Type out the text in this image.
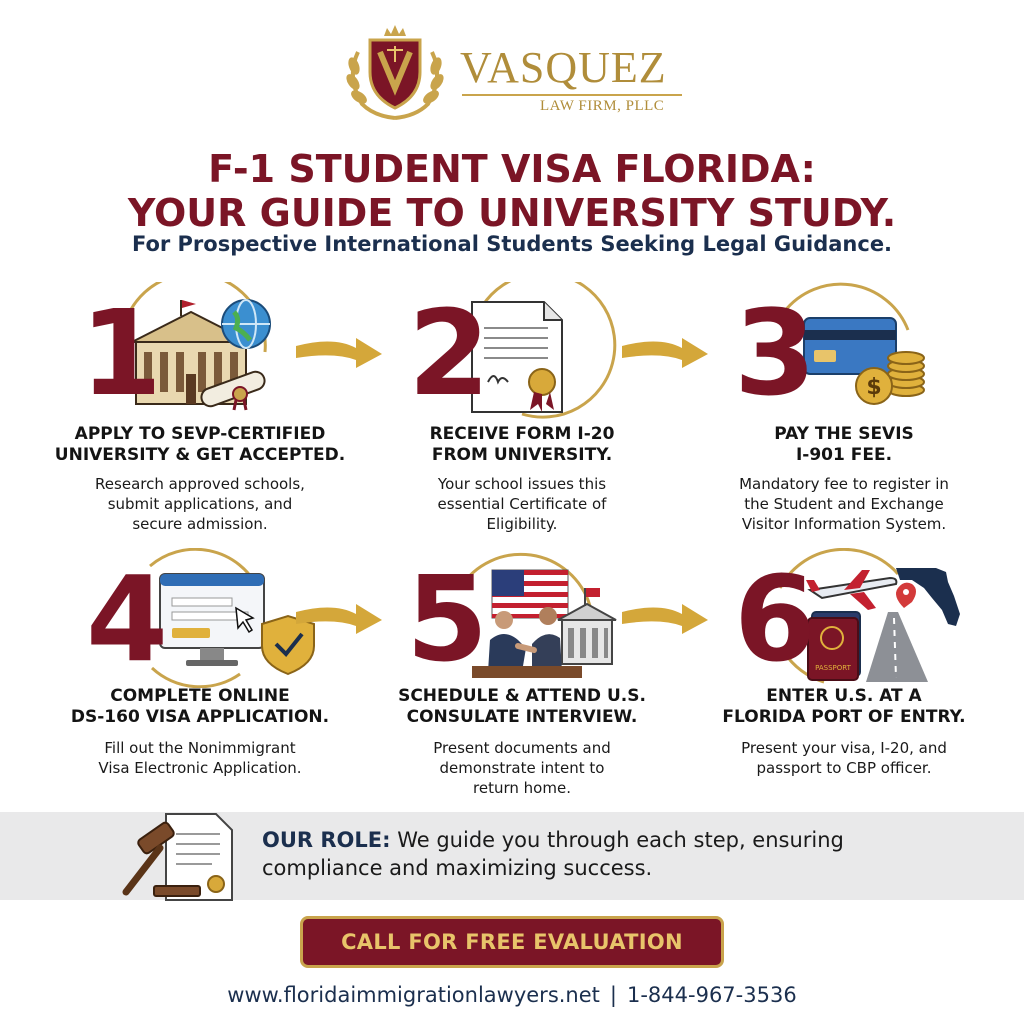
VASQUEZ
LAW FIRM, PLLC
F-1 STUDENT VISA FLORIDA:
YOUR GUIDE TO UNIVERSITY STUDY.
For Prospective International Students Seeking Legal Guidance.
1
APPLY TO SEVP-CERTIFIED
UNIVERSITY & GET ACCEPTED.
Research approved schools,
submit applications, and
secure admission.
2
RECEIVE FORM I-20
FROM UNIVERSITY.
Your school issues this
essential Certificate of
Eligibility.
$
3
PAY THE SEVIS
I-901 FEE.
Mandatory fee to register in
the Student and Exchange
Visitor Information System.
4
COMPLETE ONLINE
DS-160 VISA APPLICATION.
Fill out the Nonimmigrant
Visa Electronic Application.
5
SCHEDULE & ATTEND U.S.
CONSULATE INTERVIEW.
Present documents and
demonstrate intent to
return home.
PASSPORT
6
ENTER U.S. AT A
FLORIDA PORT OF ENTRY.
Present your visa, I-20, and
passport to CBP officer.
OUR ROLE: We guide you through each step, ensuring compliance and maximizing success.
CALL FOR FREE EVALUATION
www.floridaimmigrationlawyers.net | 1-844-967-3536
